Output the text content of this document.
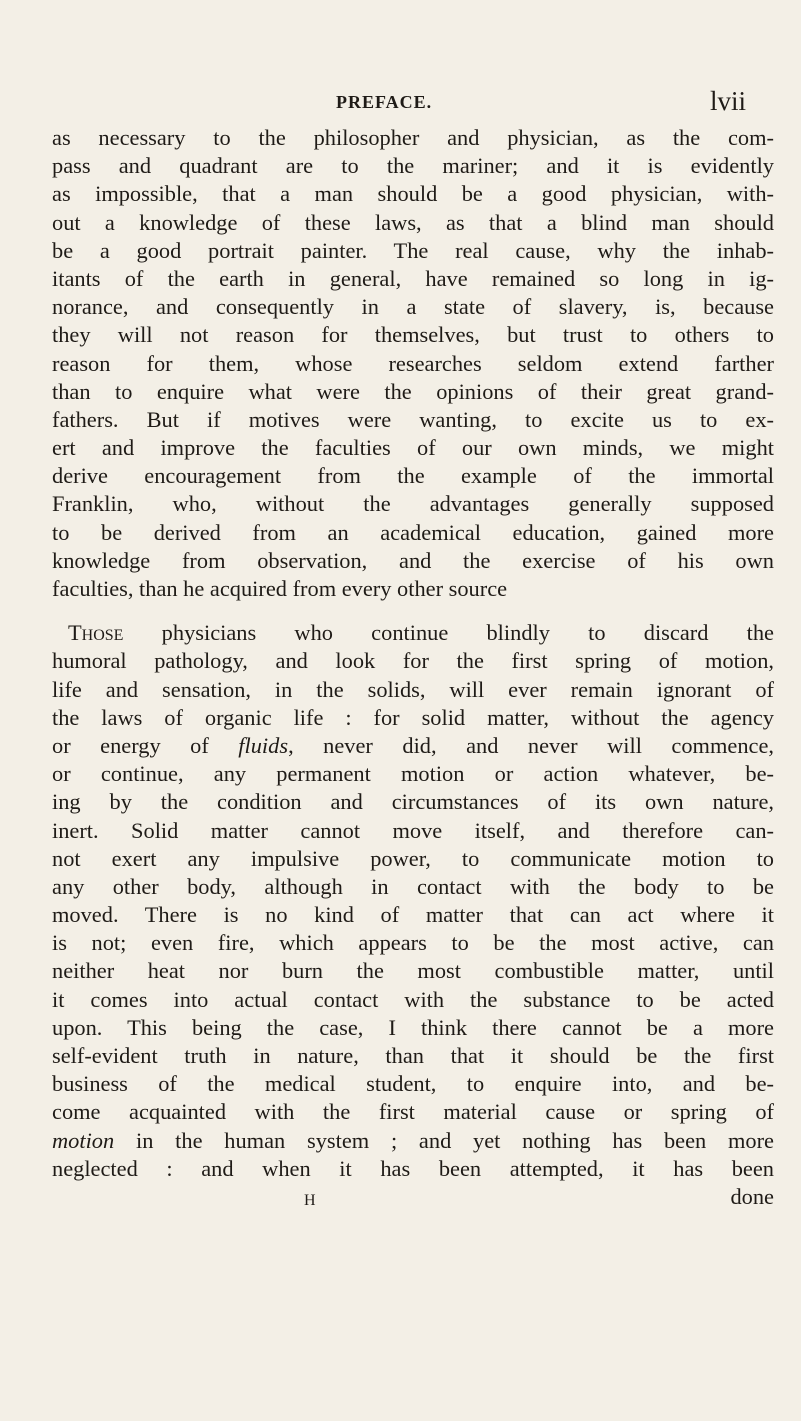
PREFACE.	lvii
as necessary to the philosopher and physician, as the com-
pass and quadrant are to the mariner; and it is evidently
as impossible, that a man should be a good physician, with-
out a knowledge of these laws, as that a blind man should
be a good portrait painter. The real cause, why the inhab-
itants of the earth in general, have remained so long in ig-
norance, and consequently in a state of slavery, is, because
they will not reason for themselves, but trust to others to
reason for them, whose researches seldom extend farther
than to enquire what were the opinions of their great grand-
fathers. But if motives were wanting, to excite us to ex-
ert and improve the faculties of our own minds, we might
derive encouragement from the example of the immortal
Franklin, who, without the advantages generally supposed
to be derived from an academical education, gained more
knowledge from observation, and the exercise of his own
faculties, than he acquired from every other source
Those physicians who continue blindly to discard the
humoral pathology, and look for the first spring of motion,
life and sensation, in the solids, will ever remain ignorant of
the laws of organic life : for solid matter, without the agency
or energy of fluids, never did, and never will commence,
or continue, any permanent motion or action whatever, be-
ing by the condition and circumstances of its own nature,
inert. Solid matter cannot move itself, and therefore can-
not exert any impulsive power, to communicate motion to
any other body, although in contact with the body to be
moved. There is no kind of matter that can act where it
is not; even fire, which appears to be the most active, can
neither heat nor burn the most combustible matter, until
it comes into actual contact with the substance to be acted
upon. This being the case, I think there cannot be a more
self-evident truth in nature, than that it should be the first
business of the medical student, to enquire into, and be-
come acquainted with the first material cause or spring of
motion in the human system ; and yet nothing has been more
neglected : and when it has been attempted, it has been
H	done
